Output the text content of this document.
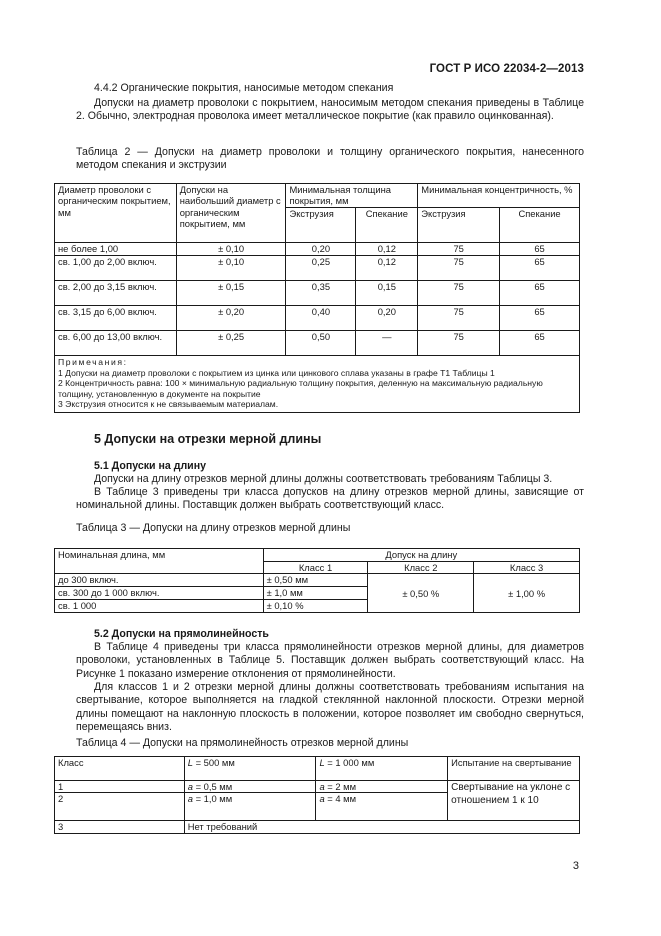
ГОСТ Р ИСО 22034-2—2013
4.4.2 Органические покрытия, наносимые методом спекания
Допуски на диаметр проволоки с покрытием, наносимым методом спекания приведены в Таблице 2. Обычно, электродная проволока имеет металлическое покрытие (как правило оцинкованная).
Таблица 2 — Допуски на диаметр проволоки и толщину органического покрытия, нанесенного методом спекания и экструзии
Диаметр проволоки с органическим покрытием, мм	Допуски на наибольший диаметр с органическим покрытием, мм	Минимальная толщина покрытия, мм		Минимальная концентричность, %	
		Экструзия	Спекание	Экструзия	Спекание
не более 1,00	± 0,10	0,20	0,12	75	65
св. 1,00 до 2,00 включ.	± 0,10	0,25	0,12	75	65
св. 2,00 до 3,15 включ.	± 0,15	0,35	0,15	75	65
св. 3,15 до 6,00 включ.	± 0,20	0,40	0,20	75	65
св. 6,00 до 13,00 включ.	± 0,25	0,50	—	75	65

Примечания:
1 Допуски на диаметр проволоки с покрытием из цинка или цинкового сплава указаны в графе Т1 Таблицы 1
2 Концентричность равна: 100 × минимальную радиальную толщину покрытия, деленную на максимальную радиальную толщину, установленную в документе на покрытие
3 Экструзия относится к не связываемым материалам.					
5 Допуски на отрезки мерной длины
5.1 Допуски на длину
Допуски на длину отрезков мерной длины должны соответствовать требованиям Таблицы 3.
В Таблице 3 приведены три класса допусков на длину отрезков мерной длины, зависящие от номинальной длины. Поставщик должен выбрать соответствующий класс.
Таблица 3 — Допуски на длину отрезков мерной длины
Номинальная длина, мм	Допуск на длину		
	Класс 1	Класс 2	Класс 3
до 300 включ.	± 0,50 мм	± 0,50 %	± 1,00 %
св. 300 до 1 000 включ.	± 1,0 мм		
св. 1 000	± 0,10 %		
5.2 Допуски на прямолинейность
В Таблице 4 приведены три класса прямолинейности отрезков мерной длины, для диаметров проволоки, установленных в Таблице 5. Поставщик должен выбрать соответствующий класс. На Рисунке 1 показано измерение отклонения от прямолинейности.
Для классов 1 и 2 отрезки мерной длины должны соответствовать требованиям испытания на свертывание, которое выполняется на гладкой стеклянной наклонной плоскости. Отрезки мерной длины помещают на наклонную плоскость в положении, которое позволяет им свободно свернуться, перемещаясь вниз.
Таблица 4 — Допуски на прямолинейность отрезков мерной длины
Класс	L = 500 мм	L = 1 000 мм	Испытание на свертывание
1	a = 0,5 мм	a = 2 мм	Свертывание на уклоне с отношением 1 к 10
2	a = 1,0 мм	a = 4 мм	
3	Нет требований		
3
